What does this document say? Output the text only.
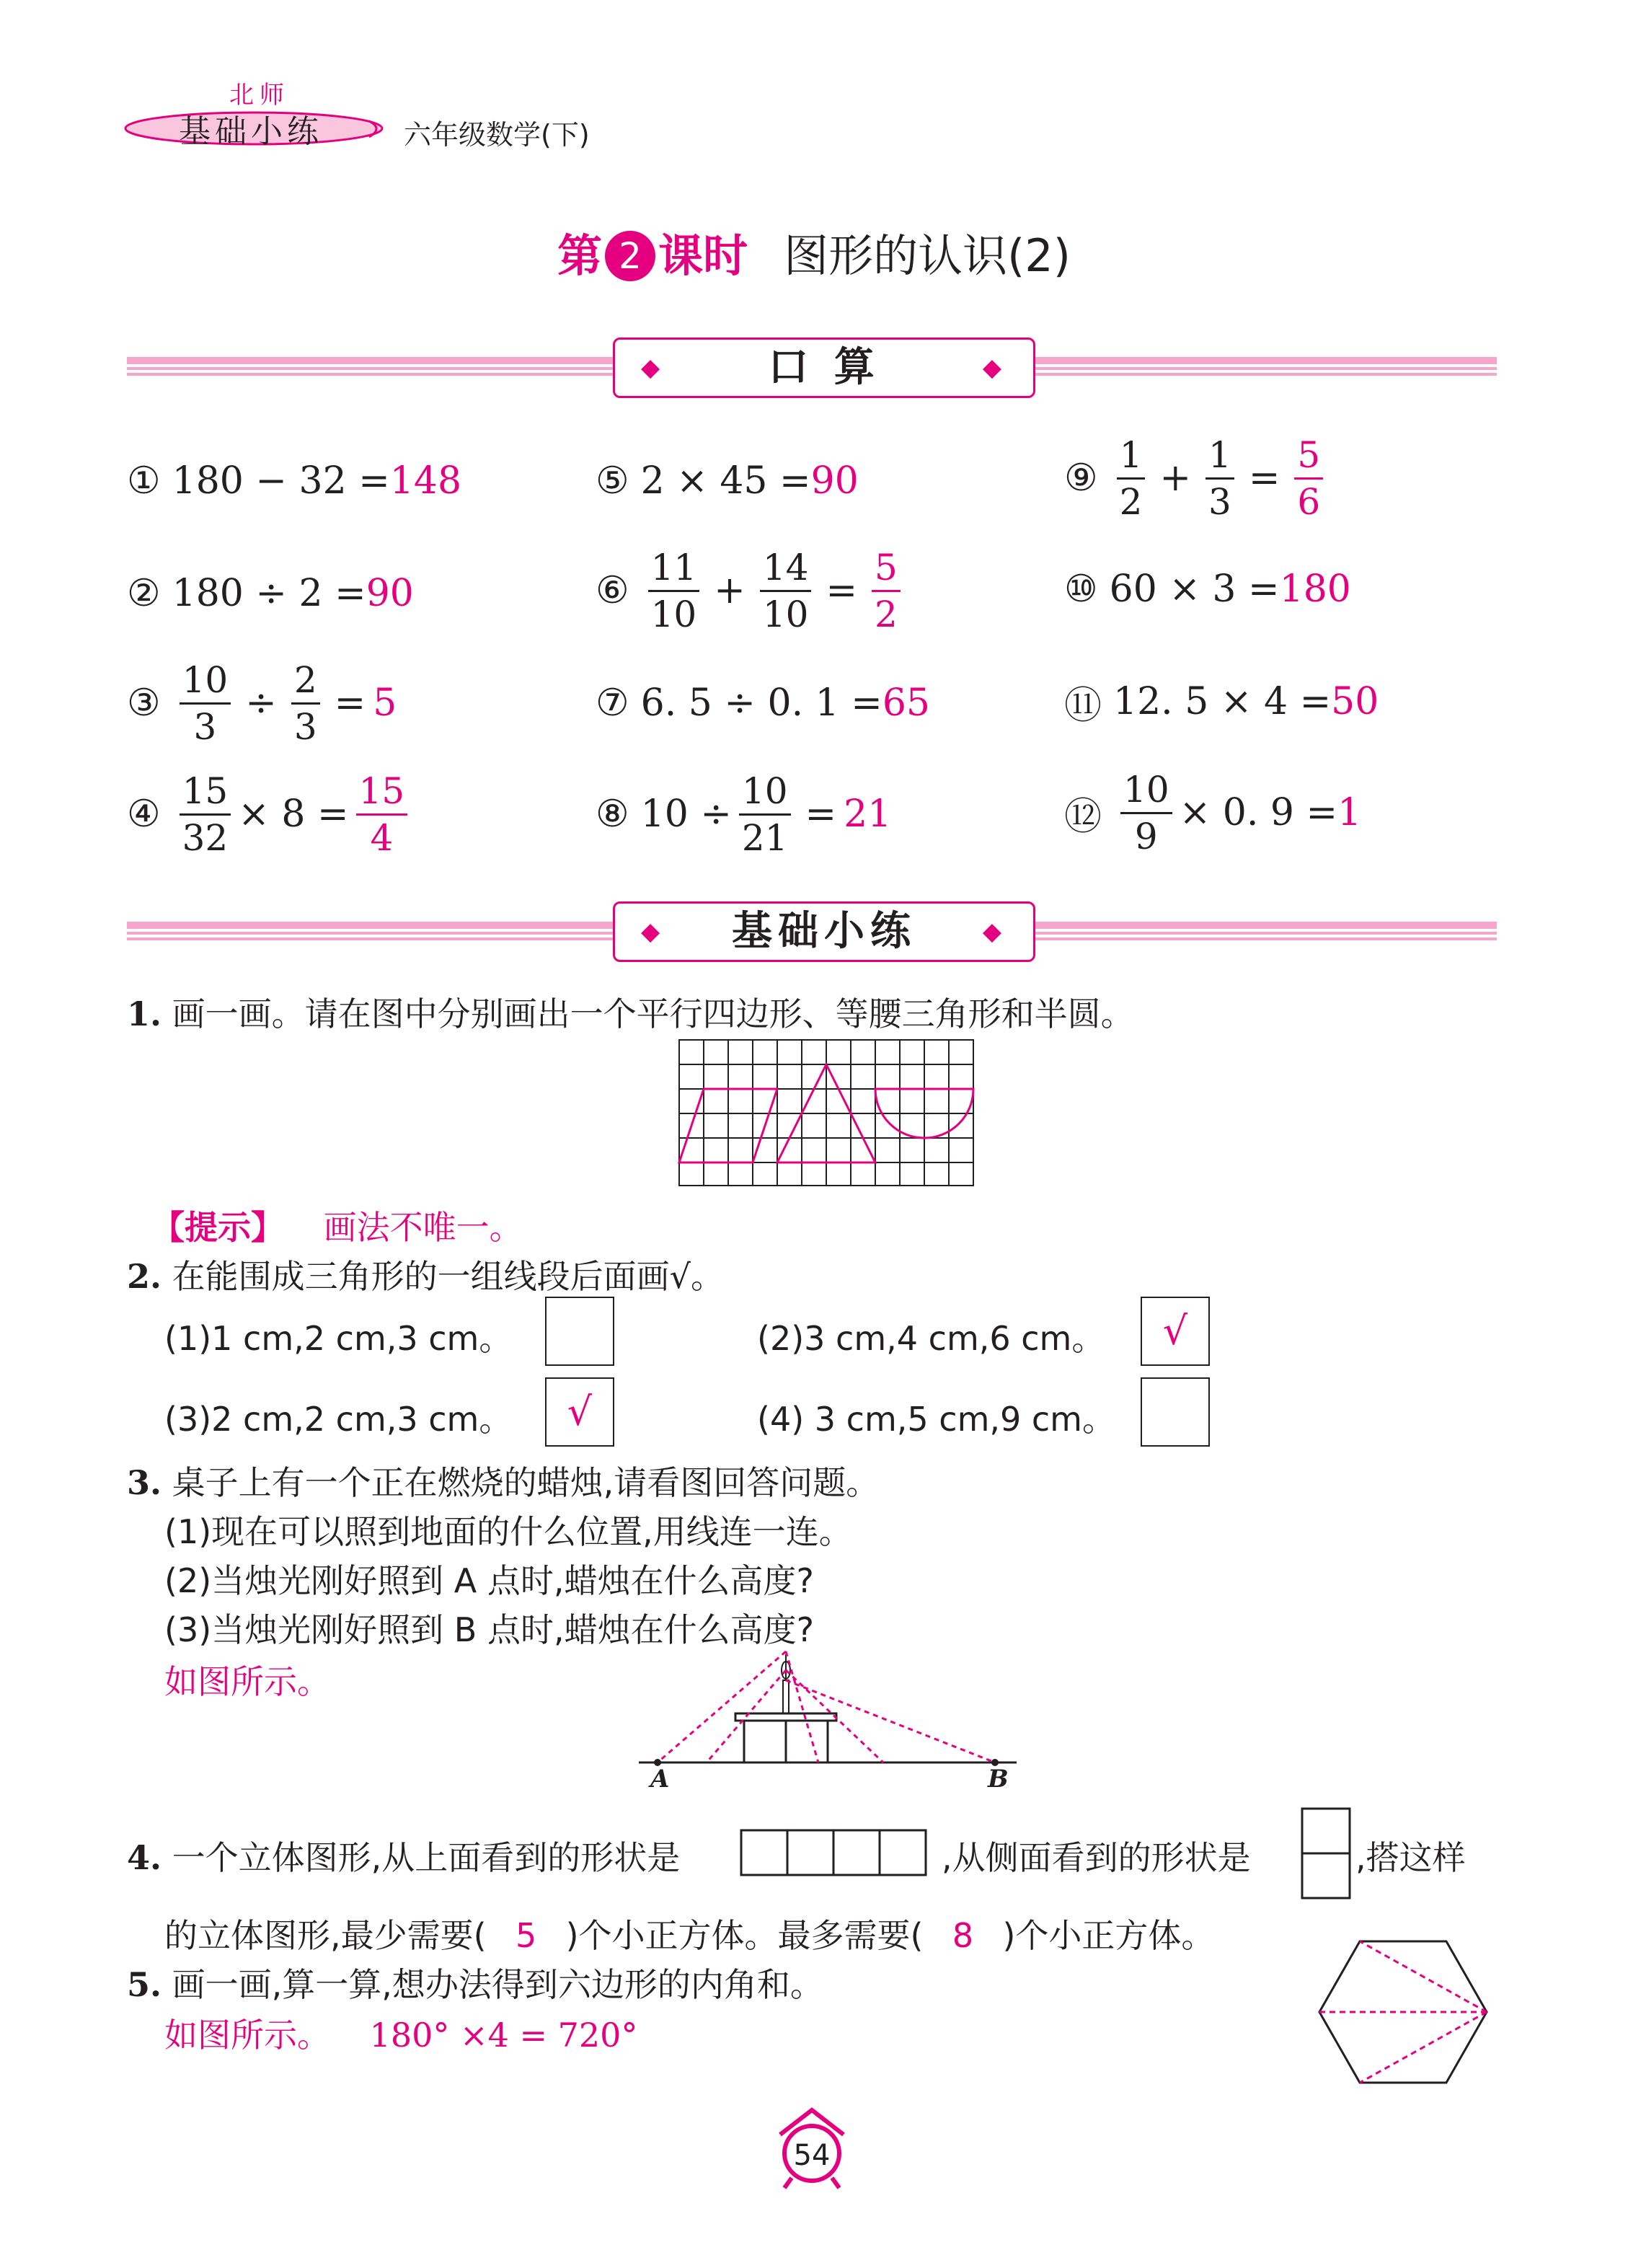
北师
基础小练	六年级数学(下)
第 2 课时 图形的认识(2)
◆	口 算	◆
① 180 − 32 = 148
② 180 ÷ 2 = 90
③ $\frac{10}{3} \div \frac{2}{3} = 5$
④ $\frac{15}{32} \times 8 = \frac{15}{4}$
⑤ 2 × 45 = 90
⑥ $\frac{11}{10} + \frac{14}{10} = \frac{5}{2}$
⑦ 6. 5 ÷ 0. 1 = 65
⑧ $10 \div \frac{10}{21} = 21$
⑨ $\frac{1}{2} + \frac{1}{3} = \frac{5}{6}$
⑩ 60 × 3 = 180
⑪ 12. 5 × 4 = 50
⑫ $\frac{10}{9} \times 0$. 9 = 1
◆ 基础小练	◆
1. 画一画。请在图中分别画出一个平行四边形、等腰三角形和半圆。
【提示】 画法不唯一。
2. 在能围成三角形的一组线段后面画√。
(1)1 cm,2 cm,3 cm。	(2)3 cm,4 cm,6 cm。	√
(3)2 cm,2 cm,3 cm。	√	(4) 3 cm,5 cm,9 cm。
3. 桌子上有一个正在燃烧的蜡烛,请看图回答问题。
(1)现在可以照到地面的什么位置,用线连一连。
(2)当烛光刚好照到 A 点时,蜡烛在什么高度?
(3)当烛光刚好照到 B 点时,蜡烛在什么高度?
如图所示。
A	B
4. 一个立体图形,从上面看到的形状是	,从侧面看到的形状是	,搭这样
的立体图形,最少需要( 5 )个小正方体。最多需要( 8 )个小正方体。
5. 画一画,算一算,想办法得到六边形的内角和。
如图所示。 180° ×4 = 720°
54
